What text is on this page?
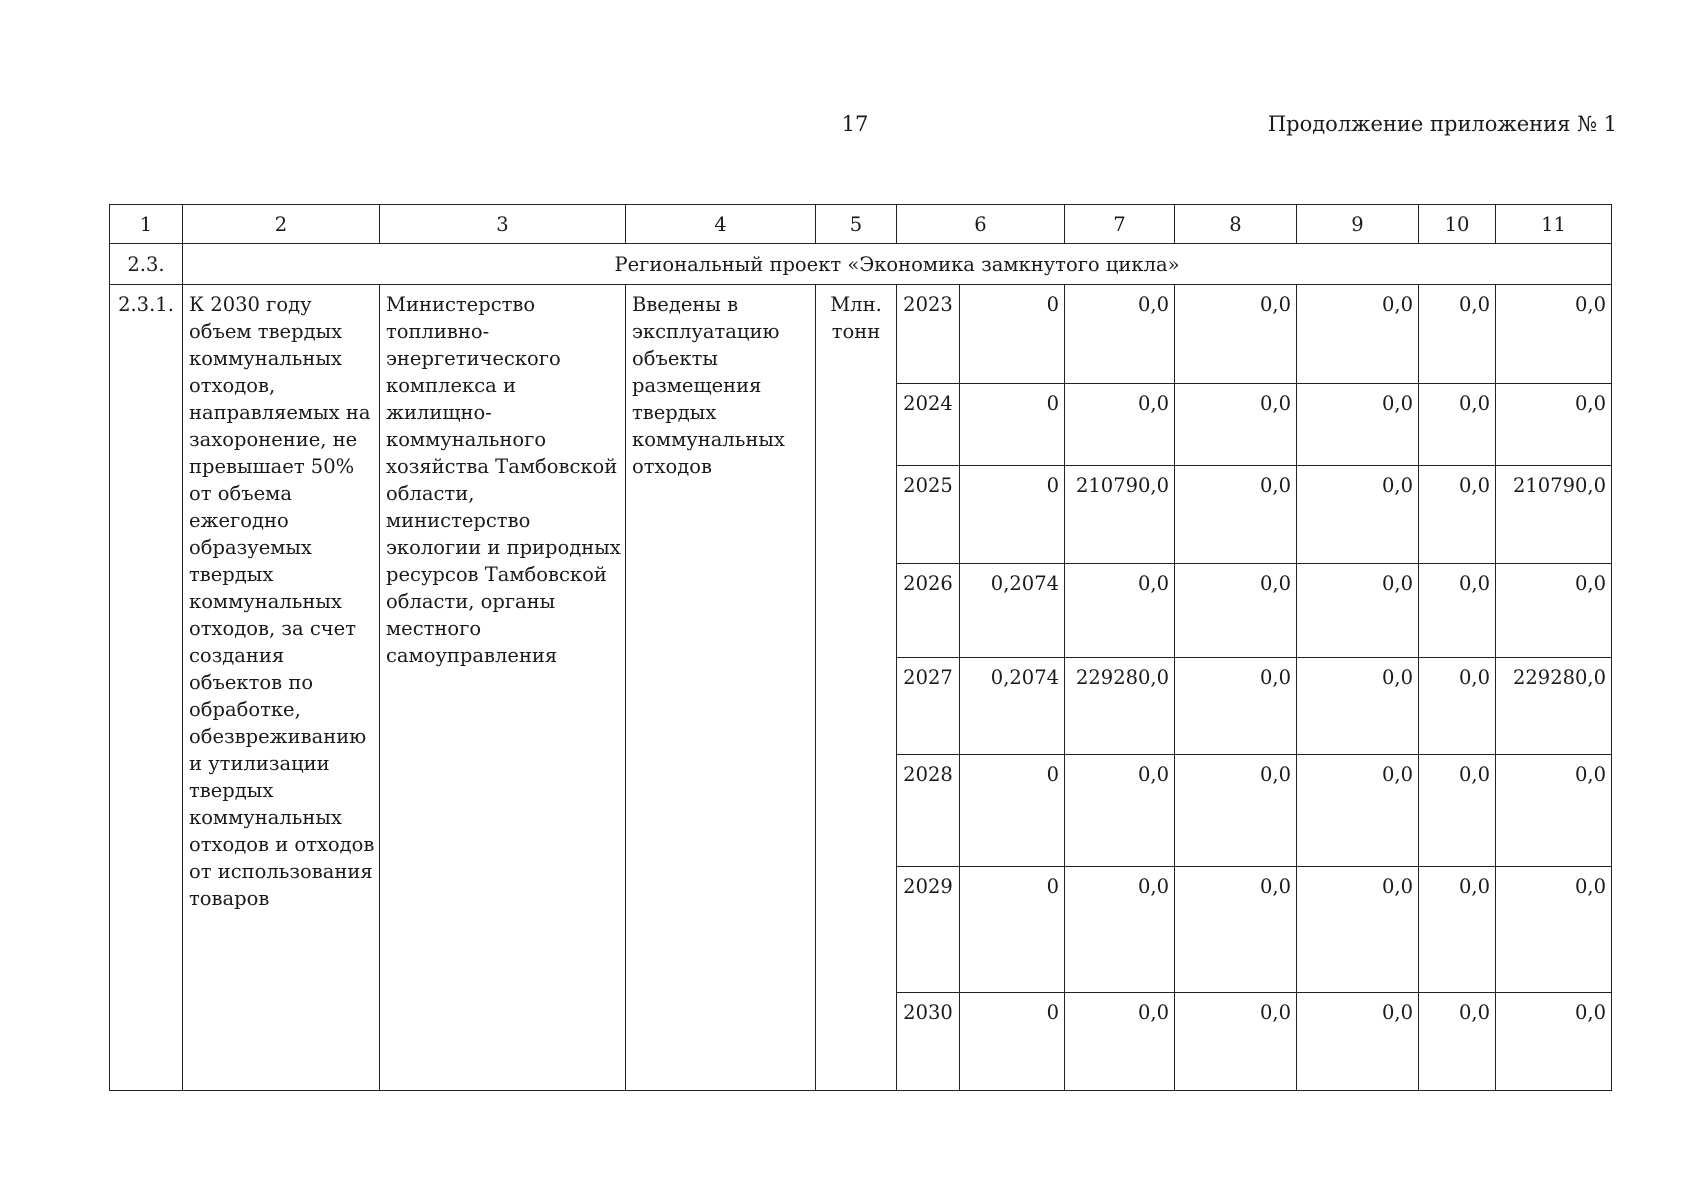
17	Продолжение приложения № 1
1	2	3	4	5	6		7	8	9	10	11
2.3.	Региональный проект «Экономика замкнутого цикла»										
2.3.1.	К 2030 году объем твердых коммунальных отходов, направляемых на захоронение, не превышает 50% от объема ежегодно образуемых твердых коммунальных отходов, за счет создания объектов по обработке, обезвреживанию и утилизации твердых коммунальных отходов и отходов от использования товаров	Министерство топливно-энергетического комплекса и жилищно-коммунального хозяйства Тамбовской области, министерство экологии и природных ресурсов Тамбовской области, органы местного самоуправления	Введены в эксплуатацию объекты размещения твердых коммунальных отходов	Млн. тонн	2023	0	0,0	0,0	0,0	0,0	0,0
					2024	0	0,0	0,0	0,0	0,0	0,0
					2025	0	210790,0	0,0	0,0	0,0	210790,0
					2026	0,2074	0,0	0,0	0,0	0,0	0,0
					2027	0,2074	229280,0	0,0	0,0	0,0	229280,0
					2028	0	0,0	0,0	0,0	0,0	0,0
					2029	0	0,0	0,0	0,0	0,0	0,0
					2030	0	0,0	0,0	0,0	0,0	0,0
